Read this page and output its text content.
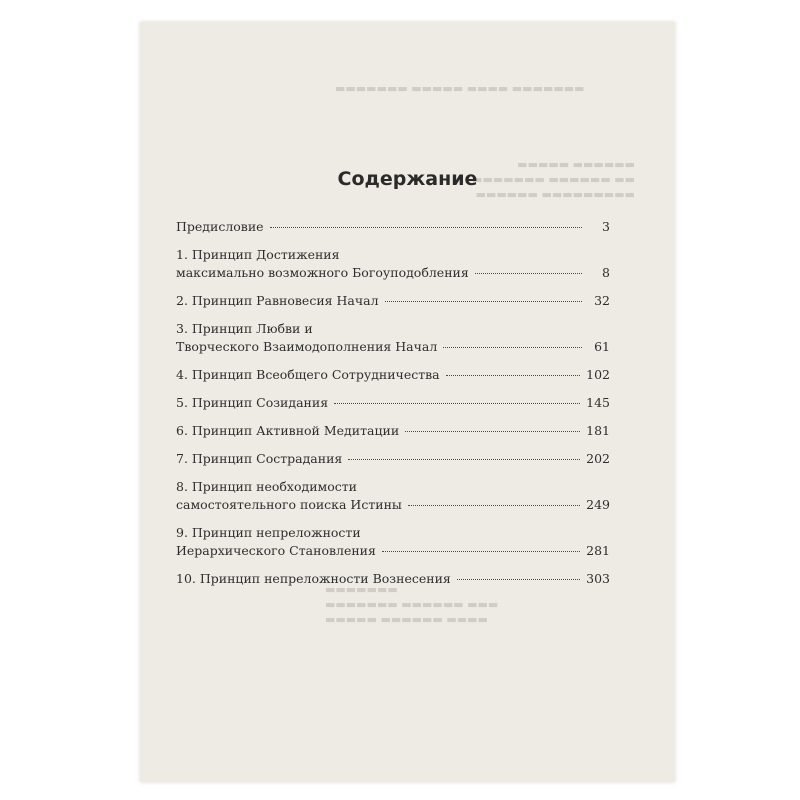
▬▬▬▬▬▬▬ ▬▬▬▬▬ ▬▬▬▬ ▬▬▬▬▬▬▬
▬▬▬▬▬ ▬▬▬▬▬▬
▬▬▬▬▬▬▬ ▬▬▬▬▬▬ ▬▬
▬▬▬▬▬▬ ▬▬▬▬▬▬▬▬▬
▬▬▬▬▬▬▬
▬▬▬▬▬▬▬ ▬▬▬▬▬▬ ▬▬▬
▬▬▬▬▬ ▬▬▬▬▬▬ ▬▬▬▬
Содержание
Предисловие	3
1. Принцип Достижения
максимально возможного Богоуподобления	8
2. Принцип Равновесия Начал	32
3. Принцип Любви и
Творческого Взаимодополнения Начал	61
4. Принцип Всеобщего Сотрудничества	102
5. Принцип Созидания	145
6. Принцип Активной Медитации	181
7. Принцип Сострадания	202
8. Принцип необходимости
самостоятельного поиска Истины	249
9. Принцип непреложности
Иерархического Становления	281
10. Принцип непреложности Вознесения	303
